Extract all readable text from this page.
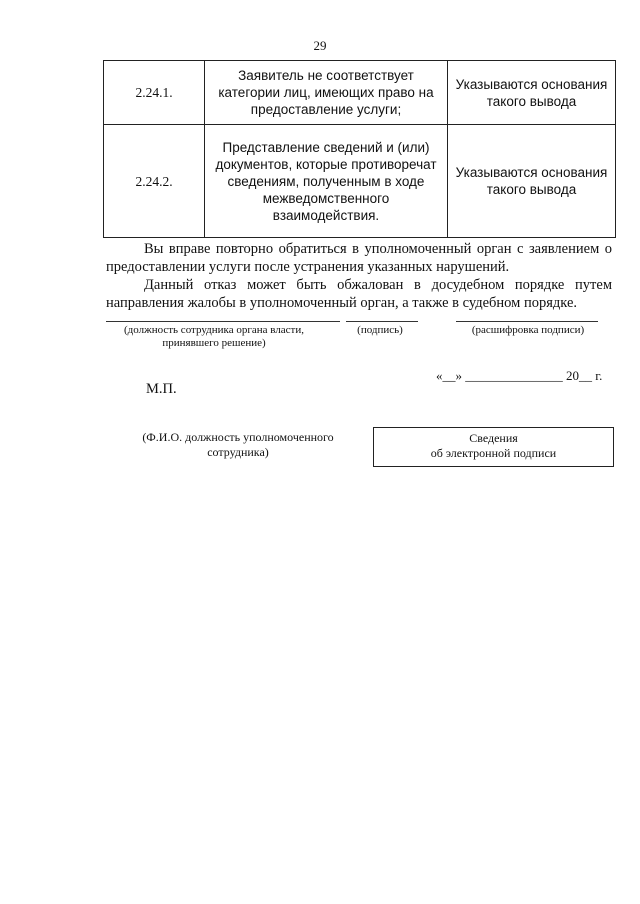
29
2.24.1.	Заявитель не соответствует категории лиц, имеющих право на предоставление услуги;	Указываются основания такого вывода
2.24.2.	Представление сведений и (или) документов, которые противоречат сведениям, полученным в ходе межведомственного взаимодействия.	Указываются основания такого вывода
Вы вправе повторно обратиться в уполномоченный орган с заявлением о предоставлении услуги после устранения указанных нарушений.
Данный отказ может быть обжалован в досудебном порядке путем направления жалобы в уполномоченный орган, а также в судебном порядке.
(должность сотрудника органа власти, принявшего решение)
(подпись)	(расшифровка подписи)
«__» _______________ 20__ г.
М.П.
(Ф.И.О. должность уполномоченного сотрудника)
Сведения
об электронной подписи
